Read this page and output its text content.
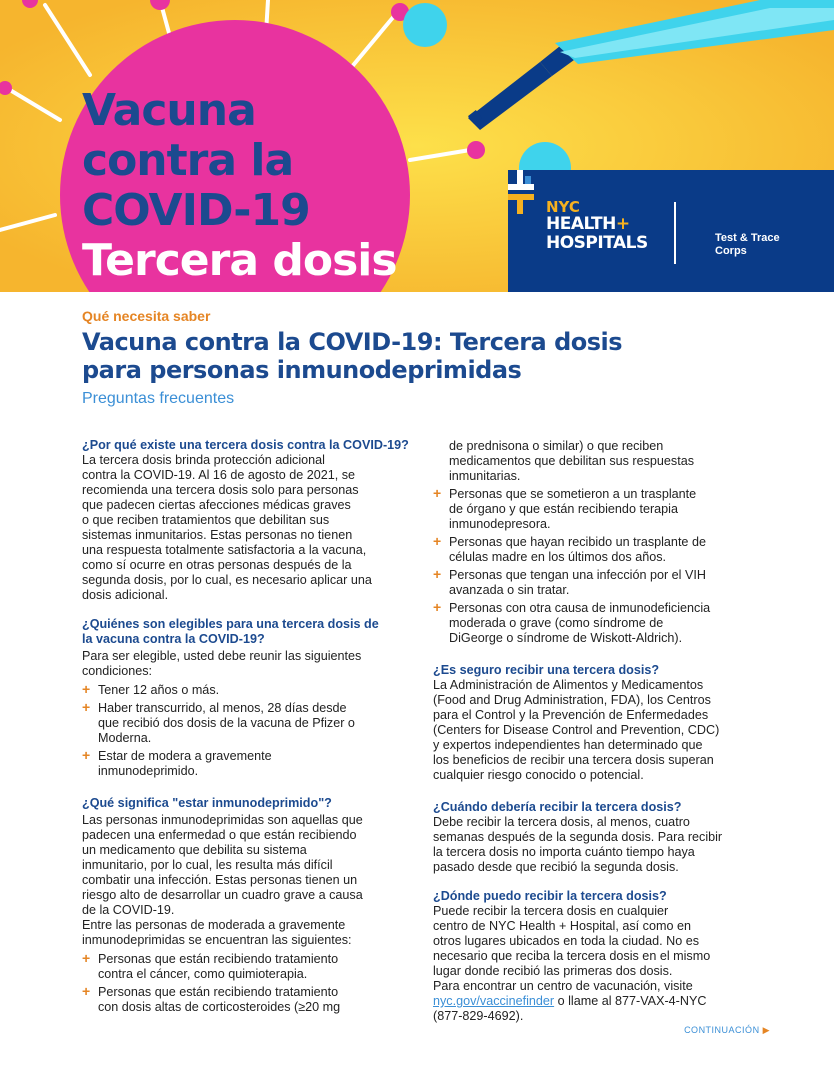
Vacuna
contra la
COVID-19
Tercera dosis
NYC
HEALTH+
HOSPITALS	Test & Trace
Corps
Qué necesita saber
Vacuna contra la COVID-19: Tercera dosis
para personas inmunodeprimidas
Preguntas frecuentes

¿Por qué existe una tercera dosis contra la COVID-19?

La tercera dosis brinda protección adicional
contra la COVID-19. Al 16 de agosto de 2021, se
recomienda una tercera dosis solo para personas
que padecen ciertas afecciones médicas graves
o que reciben tratamientos que debilitan sus
sistemas inmunitarios. Estas personas no tienen
una respuesta totalmente satisfactoria a la vacuna,
como sí ocurre en otras personas después de la
segunda dosis, por lo cual, es necesario aplicar una
dosis adicional.
¿Quiénes son elegibles para una tercera dosis de
la vacuna contra la COVID-19?
Para ser elegible, usted debe reunir las siguientes
condiciones:
+ Tener 12 años o más.
+ Haber transcurrido, al menos, 28 días desde
que recibió dos dosis de la vacuna de Pfizer o
Moderna.
+ Estar de modera a gravemente
inmunodeprimido.

¿Qué significa "estar inmunodeprimido"?

Las personas inmunodeprimidas son aquellas que
padecen una enfermedad o que están recibiendo
un medicamento que debilita su sistema
inmunitario, por lo cual, les resulta más difícil
combatir una infección. Estas personas tienen un
riesgo alto de desarrollar un cuadro grave a causa
de la COVID-19.
Entre las personas de moderada a gravemente
inmunodeprimidas se encuentran las siguientes:
+ Personas que están recibiendo tratamiento
contra el cáncer, como quimioterapia.
+ Personas que están recibiendo tratamiento
con dosis altas de corticosteroides (≥20 mg
de prednisona o similar) o que reciben
medicamentos que debilitan sus respuestas
inmunitarias.
+ Personas que se sometieron a un trasplante
de órgano y que están recibiendo terapia
inmunodepresora.
+ Personas que hayan recibido un trasplante de
células madre en los últimos dos años.
+ Personas que tengan una infección por el VIH
avanzada o sin tratar.
+ Personas con otra causa de inmunodeficiencia
moderada o grave (como síndrome de
DiGeorge o síndrome de Wiskott-Aldrich).

¿Es seguro recibir una tercera dosis?

La Administración de Alimentos y Medicamentos
(Food and Drug Administration, FDA), los Centros
para el Control y la Prevención de Enfermedades
(Centers for Disease Control and Prevention, CDC)
y expertos independientes han determinado que
los beneficios de recibir una tercera dosis superan
cualquier riesgo conocido o potencial.

¿Cuándo debería recibir la tercera dosis?

Debe recibir la tercera dosis, al menos, cuatro
semanas después de la segunda dosis. Para recibir
la tercera dosis no importa cuánto tiempo haya
pasado desde que recibió la segunda dosis.

¿Dónde puedo recibir la tercera dosis?

Puede recibir la tercera dosis en cualquier
centro de NYC Health + Hospital, así como en
otros lugares ubicados en toda la ciudad. No es
necesario que reciba la tercera dosis en el mismo
lugar donde recibió las primeras dos dosis.
Para encontrar un centro de vacunación, visite
nyc.gov/vaccinefinder o llame al 877-VAX-4-NYC
(877-829-4692).
CONTINUACIÓN ▶
